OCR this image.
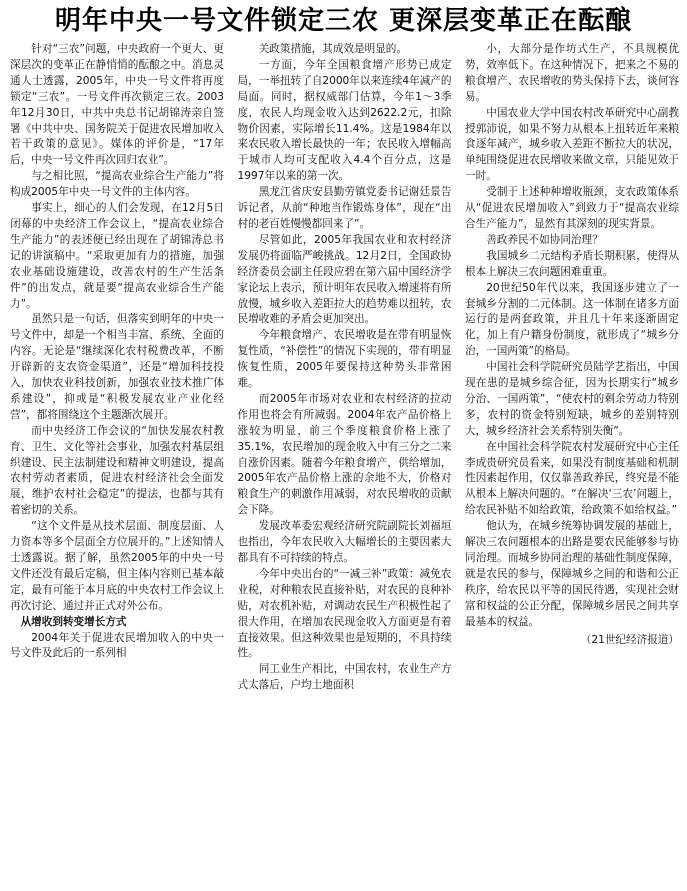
明年中央一号文件锁定三农 更深层变革正在酝酿

针对“三农”问题，中央政府一个更大、更深层次的变革正在静悄悄的酝酿之中。消息灵通人士透露，2005年，中央一号文件将再度锁定“三农”。一号文件再次锁定三农。2003年12月30日，中共中央总书记胡锦涛亲自签署《中共中央、国务院关于促进农民增加收入若干政策的意见》。媒体的评价是，“17年后，中央一号文件再次回归农业”。

与之相比照，“提高农业综合生产能力”将构成2005年中央一号文件的主体内容。

事实上，细心的人们会发现，在12月5日闭幕的中央经济工作会议上，“提高农业综合生产能力”的表述便已经出现在了胡锦涛总书记的讲演稿中。“采取更加有力的措施，加强农业基础设施建设，改善农村的生产生活条件”的出发点，就是要“提高农业综合生产能力”。

虽然只是一句话，但落实到明年的中央一号文件中，却是一个相当丰富、系统、全面的内容。无论是“继续深化农村税费改革，不断开辟新的支农资金渠道”，还是“增加科技投入，加快农业科技创新，加强农业技术推广体系建设”，抑或是“积极发展农业产业化经营”，都将围绕这个主题渐次展开。

而中央经济工作会议的“加快发展农村教育、卫生、文化等社会事业，加强农村基层组织建设、民主法制建设和精神文明建设，提高农村劳动者素质，促进农村经济社会全面发展，维护农村社会稳定”的提法，也都与其有着密切的关系。

“这个文件是从技术层面、制度层面、人力资本等多个层面全方位展开的。”上述知情人士透露说。据了解，虽然2005年的中央一号文件还没有最后定稿，但主体内容则已基本敲定，最有可能于本月底的中央农村工作会议上再次讨论、通过并正式对外公布。

从增收到转变增长方式

2004年关于促进农民增加收入的中央一号文件及此后的一系列相

关政策措施，其成效是明显的。

一方面，今年全国粮食增产形势已成定局，一举扭转了自2000年以来连续4年减产的局面。同时，据权威部门估算，今年1～3季度，农民人均现金收入达到2622.2元，扣除物价因素，实际增长11.4%。这是1984年以来农民收入增长最快的一年；农民收入增幅高于城市人均可支配收入4.4个百分点，这是1997年以来的第一次。

黑龙江省庆安县勤劳镇党委书记谢廷景告诉记者，从前“种地当作锻炼身体”，现在“出村的老百姓慢慢都回来了”。

尽管如此，2005年我国农业和农村经济发展仍将面临严峻挑战。12月2日，全国政协经济委员会副主任段应碧在第六届中国经济学家论坛上表示，预计明年农民收入增速将有所放慢，城乡收入差距拉大的趋势难以扭转，农民增收难的矛盾会更加突出。

今年粮食增产、农民增收是在带有明显恢复性质，“补偿性”的情况下实现的，带有明显恢复性质，2005年要保持这种势头非常困难。

而2005年市场对农业和农村经济的拉动作用也将会有所减弱。2004年农产品价格上涨较为明显，前三个季度粮食价格上涨了35.1%，农民增加的现金收入中有三分之二来自涨价因素。随着今年粮食增产，供给增加，2005年农产品价格上涨的余地不大，价格对粮食生产的刺激作用减弱，对农民增收的贡献会下降。

发展改革委宏观经济研究院副院长刘福垣也指出，今年农民收入大幅增长的主要因素大都具有不可持续的特点。

今年中央出台的“一减三补”政策：减免农业税，对种粮农民直接补贴，对农民的良种补贴，对农机补贴，对调动农民生产积极性起了很大作用，在增加农民现金收入方面更是有着直接效果。但这种效果也是短期的，不具持续性。

同工业生产相比，中国农村，农业生产方式太落后，户均土地面积

小，大部分是作坊式生产，不具规模优势，效率低下。在这种情况下，把来之不易的粮食增产、农民增收的势头保持下去，谈何容易。

中国农业大学中国农村改革研究中心副教授郭沛说，如果不努力从根本上扭转近年来粮食逐年减产，城乡收入差距不断拉大的状况，单纯围绕促进农民增收来做文章，只能见效于一时。

受制于上述种种增收瓶颈，支农政策体系从“促进农民增加收入”到致力于“提高农业综合生产能力”，显然有其深刻的现实背景。

善政养民不如协同治理？

我国城乡二元结构矛盾长期积累，使得从根本上解决三农问题困难重重。

20世纪50年代以来，我国逐步建立了一套城乡分割的二元体制。这一体制在诸多方面运行的是两套政策，并且几十年来逐渐固定化，加上有户籍身份制度，就形成了“城乡分治，一国两策”的格局。

中国社会科学院研究员陆学艺指出，中国现在患的是城乡综合征，因为长期实行“城乡分治、一国两策”，“使农村的剩余劳动力特别多，农村的资金特别短缺，城乡的差别特别大，城乡经济社会关系特别失衡”。

在中国社会科学院农村发展研究中心主任李成贵研究员看来，如果没有制度基础和机制性因素起作用，仅仅靠善政养民，终究是不能从根本上解决问题的。“在解决‘三农’问题上，给农民补贴不如给政策，给政策不如给权益。”

他认为，在城乡统筹协调发展的基础上，解决三农问题根本的出路是要农民能够参与协同治理。而城乡协同治理的基础性制度保障，就是农民的参与，保障城乡之间的和谐和公正秩序，给农民以平等的国民待遇，实现社会财富和权益的公正分配，保障城乡居民之间共享最基本的权益。

（21世纪经济报道）
